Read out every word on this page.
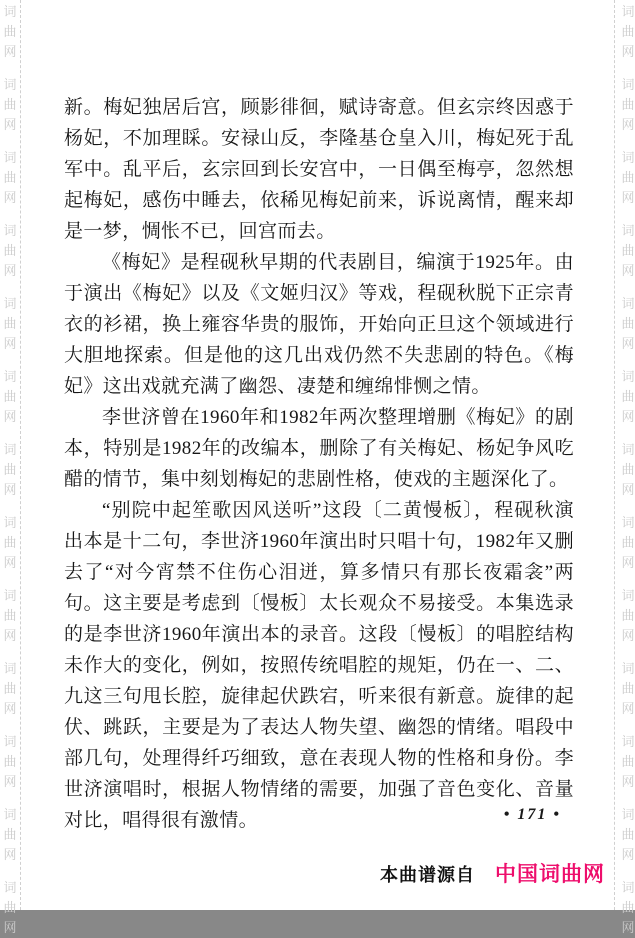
词
曲
网
词
曲
网
词
曲
网
词
曲
网
词
曲
网
词
曲
网
词
曲
网
词
曲
网
词
曲
网
词
曲
网
词
曲
网
词
曲
网
词
曲
网
词
曲
网
词
曲
网
词
曲
网
词
曲
网
词
曲
网
词
曲
网
词
曲
网
词
曲
网
词
曲
网
词
曲
网
词
曲
网
词
曲
网
词
曲
网

新。梅妃独居后宫，顾影徘徊，赋诗寄意。但玄宗终因惑于杨妃，不加理睬。安禄山反，李隆基仓皇入川，梅妃死于乱军中。乱平后，玄宗回到长安宫中，一日偶至梅亭，忽然想起梅妃，感伤中睡去，依稀见梅妃前来，诉说离情，醒来却是一梦，惆怅不已，回宫而去。

《梅妃》是程砚秋早期的代表剧目，编演于1925年。由于演出《梅妃》以及《文姬归汉》等戏，程砚秋脱下正宗青衣的衫裙，换上雍容华贵的服饰，开始向正旦这个领域进行大胆地探索。但是他的这几出戏仍然不失悲剧的特色。《梅妃》这出戏就充满了幽怨、凄楚和缠绵悱恻之情。

李世济曾在1960年和1982年两次整理增删《梅妃》的剧本，特别是1982年的改编本，删除了有关梅妃、杨妃争风吃醋的情节，集中刻划梅妃的悲剧性格，使戏的主题深化了。

“别院中起笙歌因风送听”这段〔二黄慢板〕，程砚秋演出本是十二句，李世济1960年演出时只唱十句，1982年又删去了“对今宵禁不住伤心泪迸，算多情只有那长夜霜衾”两句。这主要是考虑到〔慢板〕太长观众不易接受。本集选录的是李世济1960年演出本的录音。这段〔慢板〕的唱腔结构未作大的变化，例如，按照传统唱腔的规矩，仍在一、二、九这三句甩长腔，旋律起伏跌宕，听来很有新意。旋律的起伏、跳跃，主要是为了表达人物失望、幽怨的情绪。唱段中部几句，处理得纤巧细致，意在表现人物的性格和身份。李世济演唱时，根据人物情绪的需要，加强了音色变化、音量对比，唱得很有激情。	• 171 •
本曲谱源自 中国词曲网
